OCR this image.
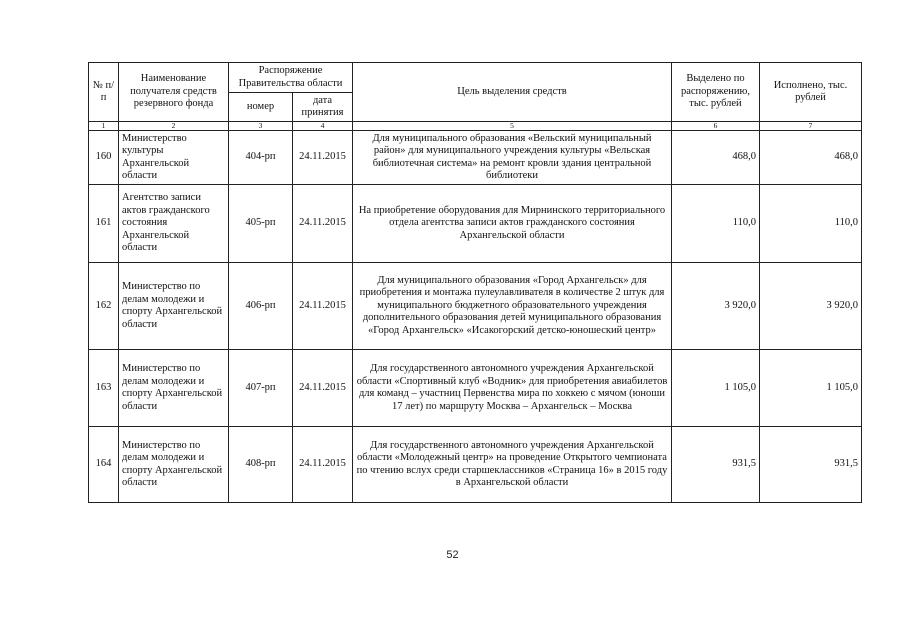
№ п/п	Наименование получателя средств резервного фонда	Распоряжение Правительства области		Цель выделения средств	Выделено по распоряжению, тыс. рублей	Исполнено, тыс. рублей
		номер	дата принятия			
1	2	3	4	5	6	7
160	Министерство культуры Архангельской области	404-рп	24.11.2015	Для муниципального образования «Вельский муниципальный район» для муниципального учреждения культуры «Вельская библиотечная система» на ремонт кровли здания центральной библиотеки	468,0	468,0
161	Агентство записи актов гражданского состояния Архангельской области	405-рп	24.11.2015	На приобретение оборудования для Мирнинского территориального отдела агентства записи актов гражданского состояния Архангельской области	110,0	110,0
162	Министерство по делам молодежи и спорту Архангельской области	406-рп	24.11.2015	Для муниципального образования «Город Архангельск» для приобретения и монтажа пулеулавливателя в количестве 2 штук для муниципального бюджетного образовательного учреждения дополнительного образования детей муниципального образования «Город Архангельск» «Исакогорский детско-юношеский центр»	3 920,0	3 920,0
163	Министерство по делам молодежи и спорту Архангельской области	407-рп	24.11.2015	Для государственного автономного учреждения Архангельской области «Спортивный клуб «Водник» для приобретения авиабилетов для команд – участниц Первенства мира по хоккею с мячом (юноши 17 лет) по маршруту Москва – Архангельск – Москва	1 105,0	1 105,0
164	Министерство по делам молодежи и спорту Архангельской области	408-рп	24.11.2015	Для государственного автономного учреждения Архангельской области «Молодежный центр» на проведение Открытого чемпионата по чтению вслух среди старшеклассников «Страница 16» в 2015 году в Архангельской области	931,5	931,5
52
